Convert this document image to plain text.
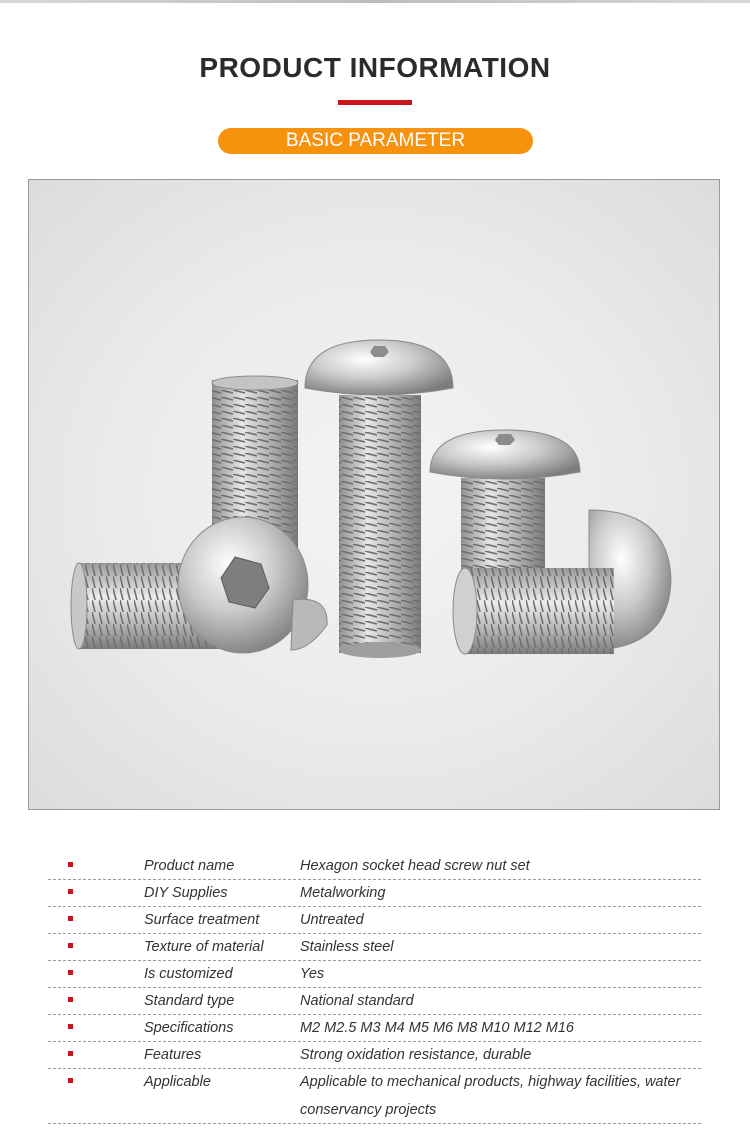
PRODUCT INFORMATION
BASIC PARAMETER
Product name	Hexagon socket head screw nut set
DIY Supplies	Metalworking
Surface treatment	Untreated
Texture of material	Stainless steel
Is customized	Yes
Standard type	National standard
Specifications	M2 M2.5 M3 M4 M5 M6 M8 M10 M12 M16
Features	Strong oxidation resistance, durable
Applicable	Applicable to mechanical products, highway facilities, water conservancy projects
